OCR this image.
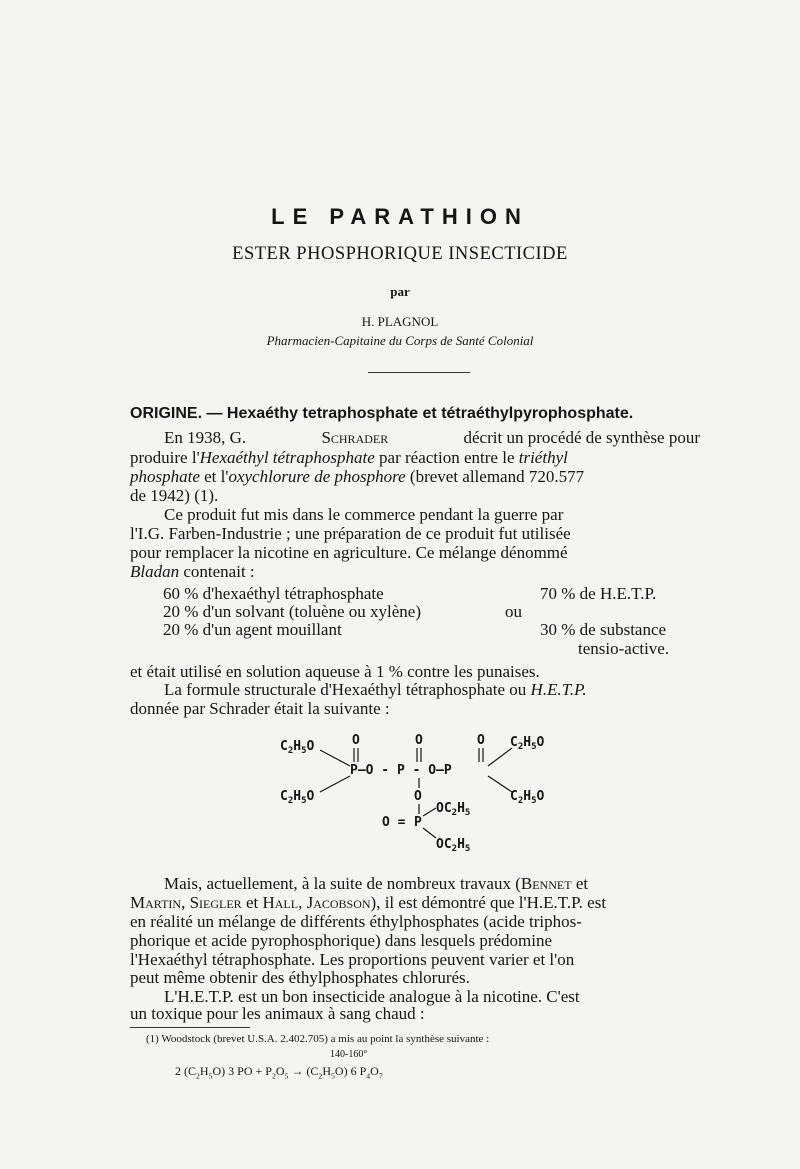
LE PARATHION
ESTER PHOSPHORIQUE INSECTICIDE
par
H. PLAGNOL
Pharmacien-Capitaine du Corps de Santé Colonial
ORIGINE. — Hexaéthy tetraphosphate et tétraéthylpyrophosphate.
En 1938, G.	Schrader	décrit un procédé de synthèse pour
produire l'Hexaéthyl tétraphosphate par réaction entre le triéthyl
phosphate et l'oxychlorure de phosphore (brevet allemand 720.577
de 1942) (1).
Ce produit fut mis dans le commerce pendant la guerre par
l'I.G. Farben-Industrie ; une préparation de ce produit fut utilisée
pour remplacer la nicotine en agriculture. Ce mélange dénommé
Bladan contenait :
60 % d'hexaéthyl tétraphosphate	70 % de H.E.T.P.
20 % d'un solvant (toluène ou xylène)	ou
20 % d'un agent mouillant	30 % de substance
tensio-active.
et était utilisé en solution aqueuse à 1 % contre les punaises.
La formule structurale d'Hexaéthyl tétraphosphate ou H.E.T.P.
donnée par Schrader était la suivante :
$C_2H_5O$
$C_2H_5O$
O	O	O
P—O - P - O—P
$C_2H_5O$
$C_2H_5O$
O
O = P
$OC_2H_5$
$OC_2H_5$
Mais, actuellement, à la suite de nombreux travaux (Bennet et
Martin, Siegler et Hall, Jacobson), il est démontré que l'H.E.T.P. est
en réalité un mélange de différents éthylphosphates (acide triphos-
phorique et acide pyrophosphorique) dans lesquels prédomine
l'Hexaéthyl tétraphosphate. Les proportions peuvent varier et l'on
peut même obtenir des éthylphosphates chlorurés.
L'H.E.T.P. est un bon insecticide analogue à la nicotine. C'est
un toxique pour les animaux à sang chaud :
(1) Woodstock (brevet U.S.A. 2.402.705) a mis au point la synthèse suivante :
140-160°
2 $(C_2H_5O)$ 3 PO + $P_2O_5 \to (C_2H_5O)$ 6 $P_4O_7$
